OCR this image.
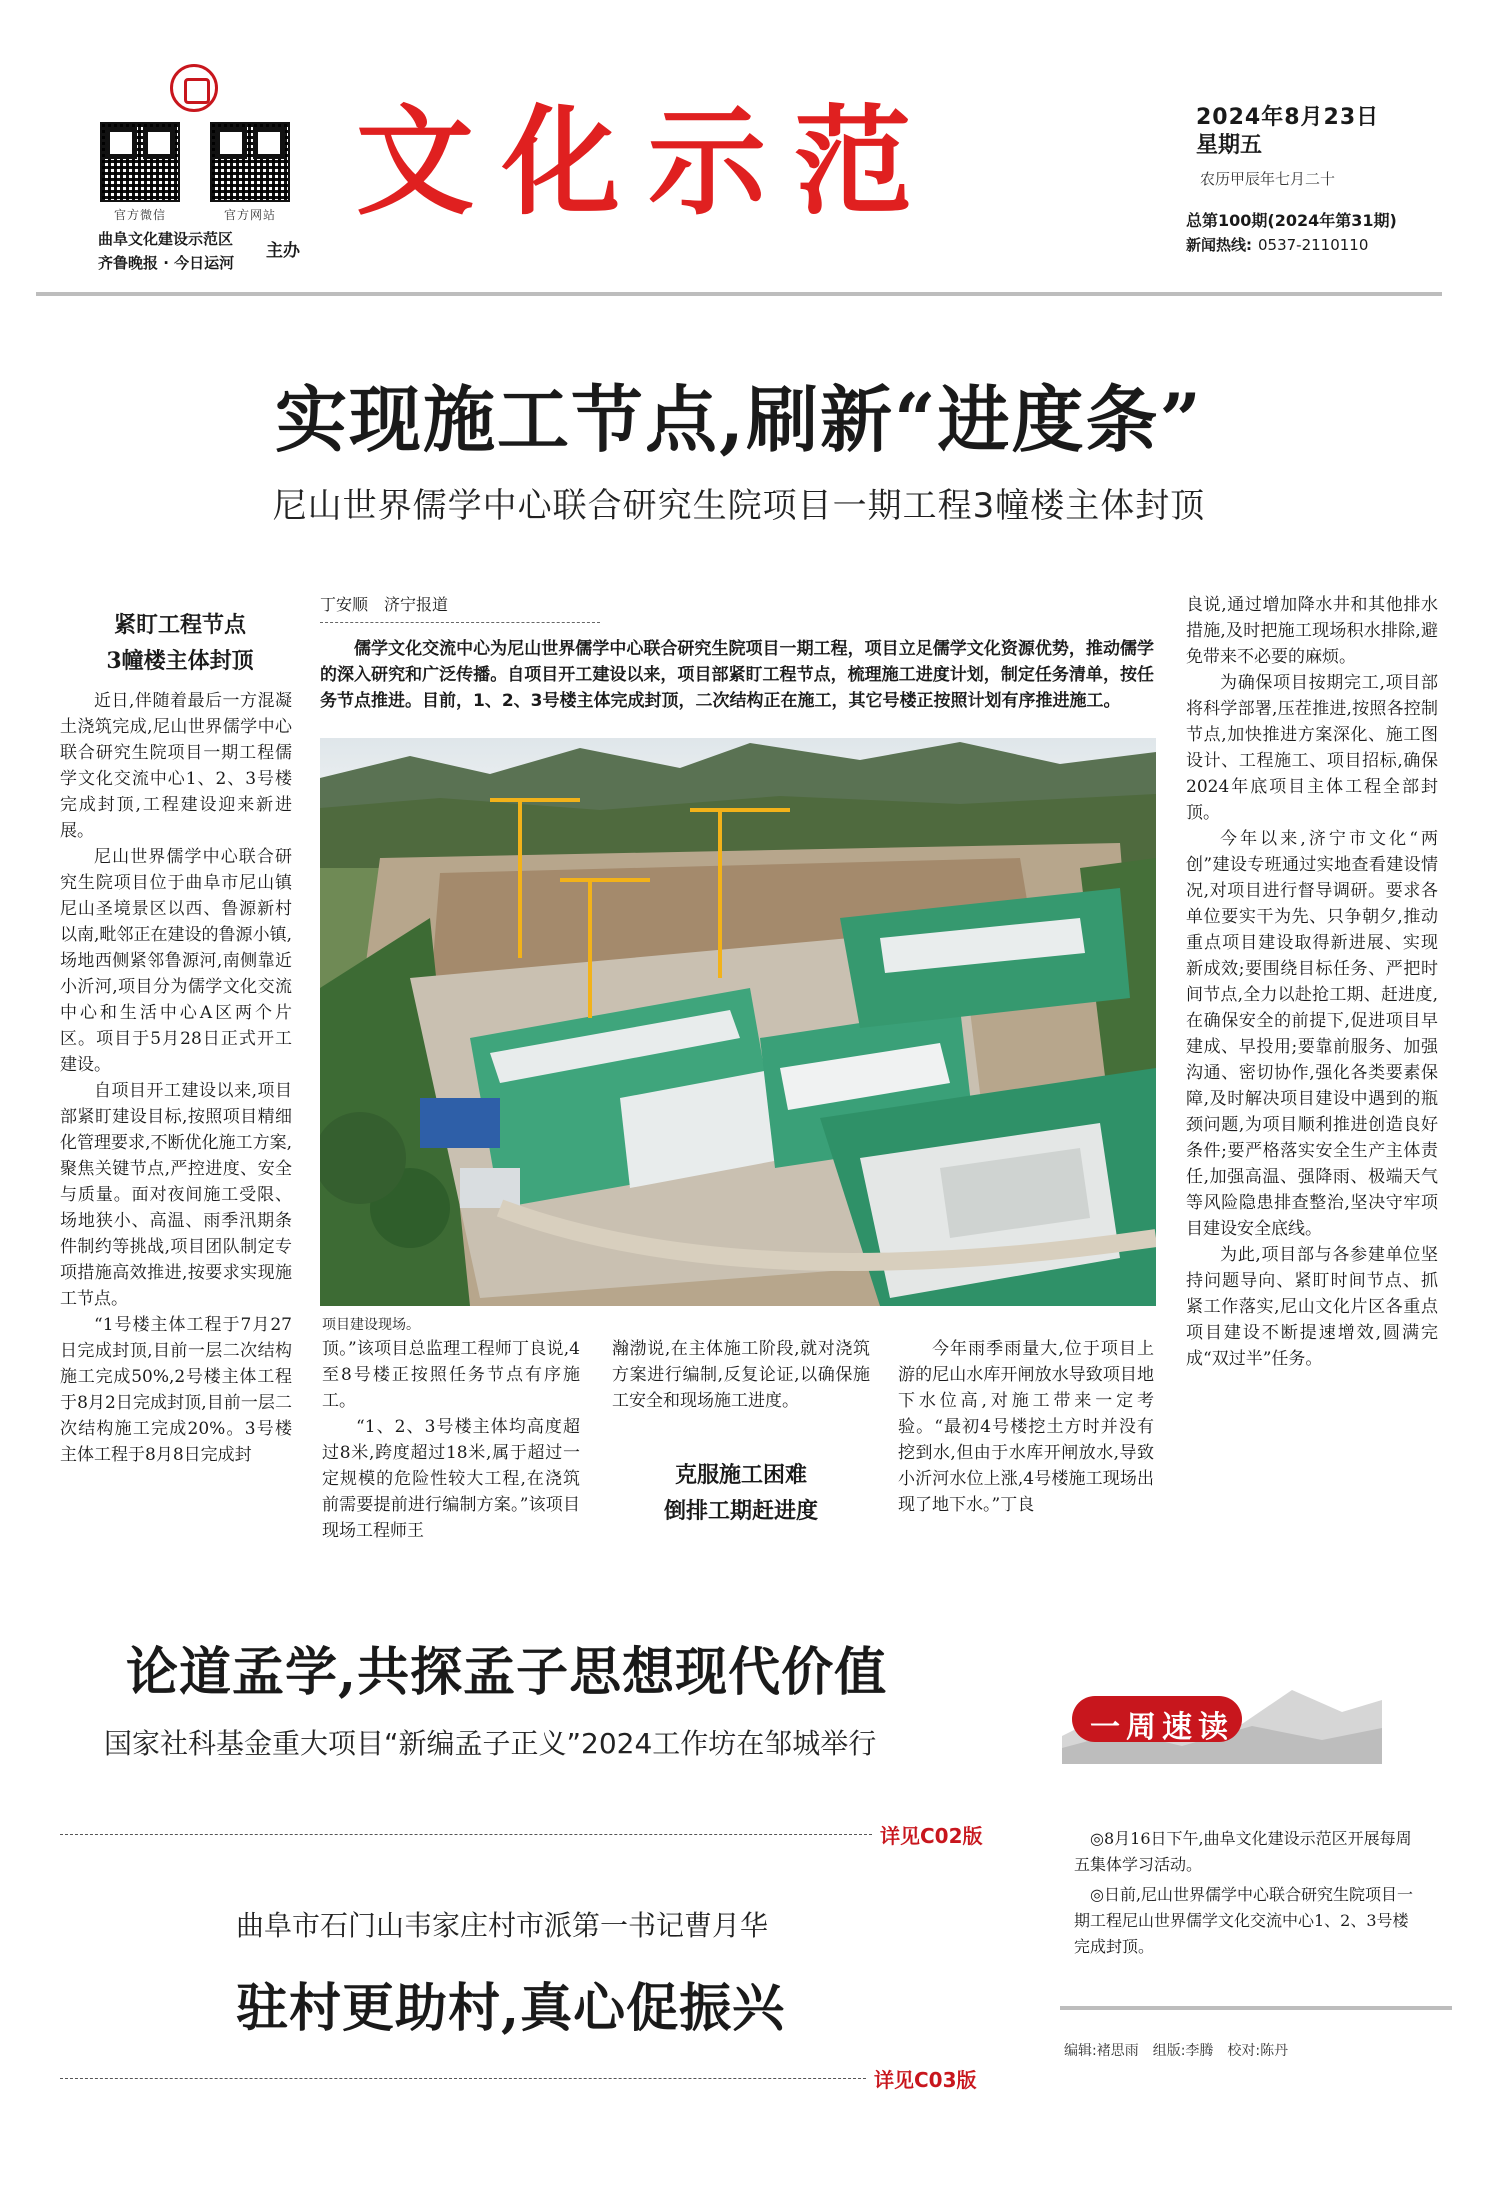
官方微信	官方网站
曲阜文化建设示范区
齐鲁晚报 · 今日运河
主办
文化示范	2024年8月23日
星期五
农历甲辰年七月二十
总第100期(2024年第31期)
新闻热线: 0537-2110110
实现施工节点,刷新“进度条”
尼山世界儒学中心联合研究生院项目一期工程3幢楼主体封顶
紧盯工程节点
3幢楼主体封顶

近日,伴随着最后一方混凝土浇筑完成,尼山世界儒学中心联合研究生院项目一期工程儒学文化交流中心1、2、3号楼完成封顶,工程建设迎来新进展。

尼山世界儒学中心联合研究生院项目位于曲阜市尼山镇尼山圣境景区以西、鲁源新村以南,毗邻正在建设的鲁源小镇,场地西侧紧邻鲁源河,南侧靠近小沂河,项目分为儒学文化交流中心和生活中心A区两个片区。项目于5月28日正式开工建设。

自项目开工建设以来,项目部紧盯建设目标,按照项目精细化管理要求,不断优化施工方案,聚焦关键节点,严控进度、安全与质量。面对夜间施工受限、场地狭小、高温、雨季汛期条件制约等挑战,项目团队制定专项措施高效推进,按要求实现施工节点。

“1号楼主体工程于7月27日完成封顶,目前一层二次结构施工完成50%,2号楼主体工程于8月2日完成封顶,目前一层二次结构施工完成20%。3号楼主体工程于8月8日完成封

丁安顺　济宁报道
儒学文化交流中心为尼山世界儒学中心联合研究生院项目一期工程，项目立足儒学文化资源优势，推动儒学的深入研究和广泛传播。自项目开工建设以来，项目部紧盯工程节点，梳理施工进度计划，制定任务清单，按任务节点推进。目前，1、2、3号楼主体完成封顶，二次结构正在施工，其它号楼正按照计划有序推进施工。
项目建设现场。

顶。”该项目总监理工程师丁良说,4至8号楼正按照任务节点有序施工。

“1、2、3号楼主体均高度超过8米,跨度超过18米,属于超过一定规模的危险性较大工程,在浇筑前需要提前进行编制方案。”该项目现场工程师王

瀚渤说,在主体施工阶段,就对浇筑方案进行编制,反复论证,以确保施工安全和现场施工进度。

克服施工困难
倒排工期赶进度

今年雨季雨量大,位于项目上游的尼山水库开闸放水导致项目地下水位高,对施工带来一定考验。“最初4号楼挖土方时并没有挖到水,但由于水库开闸放水,导致小沂河水位上涨,4号楼施工现场出现了地下水。”丁良

良说,通过增加降水井和其他排水措施,及时把施工现场积水排除,避免带来不必要的麻烦。

为确保项目按期完工,项目部将科学部署,压茬推进,按照各控制节点,加快推进方案深化、施工图设计、工程施工、项目招标,确保2024年底项目主体工程全部封顶。

今年以来,济宁市文化“两创”建设专班通过实地查看建设情况,对项目进行督导调研。要求各单位要实干为先、只争朝夕,推动重点项目建设取得新进展、实现新成效;要围绕目标任务、严把时间节点,全力以赴抢工期、赶进度,在确保安全的前提下,促进项目早建成、早投用;要靠前服务、加强沟通、密切协作,强化各类要素保障,及时解决项目建设中遇到的瓶颈问题,为项目顺利推进创造良好条件;要严格落实安全生产主体责任,加强高温、强降雨、极端天气等风险隐患排查整治,坚决守牢项目建设安全底线。

为此,项目部与各参建单位坚持问题导向、紧盯时间节点、抓紧工作落实,尼山文化片区各重点项目建设不断提速增效,圆满完成“双过半”任务。

论道孟学,共探孟子思想现代价值
国家社科基金重大项目“新编孟子正义”2024工作坊在邹城举行
详见C02版
曲阜市石门山韦家庄村市派第一书记曹月华
驻村更助村,真心促振兴
详见C03版
一周速读
◎8月16日下午,曲阜文化建设示范区开展每周五集体学习活动。
◎日前,尼山世界儒学中心联合研究生院项目一期工程尼山世界儒学文化交流中心1、2、3号楼完成封顶。
编辑:褚思雨　组版:李腾　校对:陈丹
